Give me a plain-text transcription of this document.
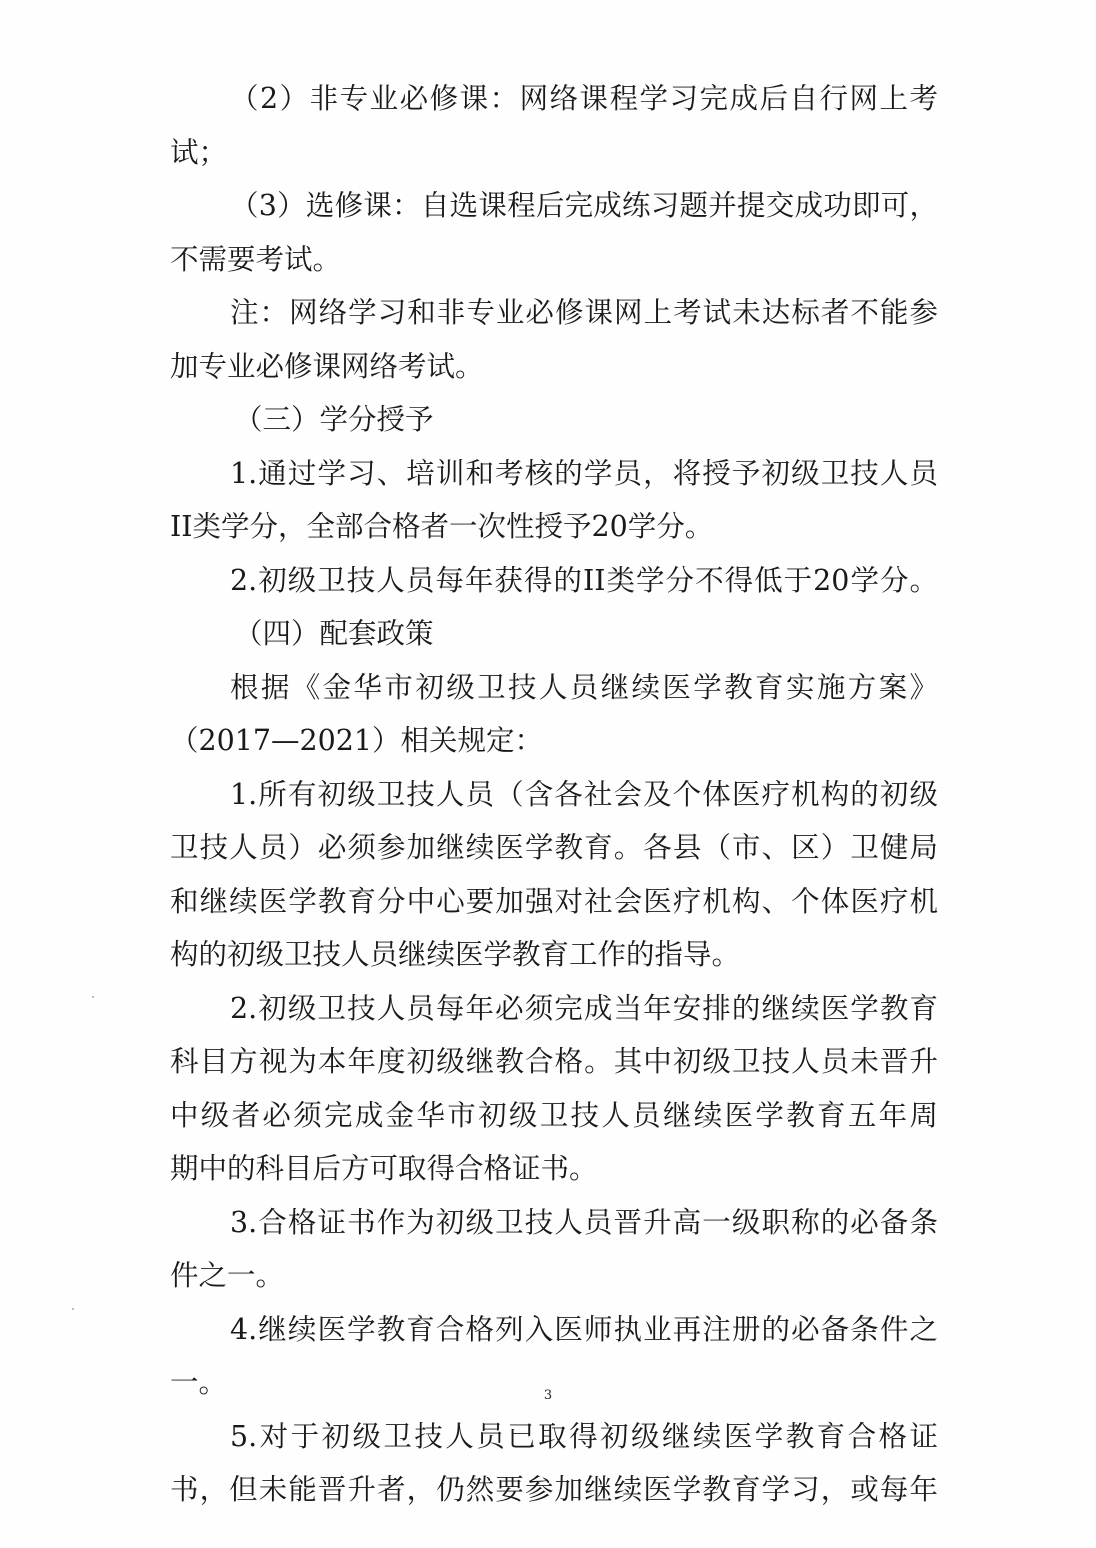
（2）非专业必修课：网络课程学习完成后自行网上考
试；
（3）选修课：自选课程后完成练习题并提交成功即可，
不需要考试。
注：网络学习和非专业必修课网上考试未达标者不能参
加专业必修课网络考试。
（三）学分授予
1.通过学习、培训和考核的学员，将授予初级卫技人员
II类学分，全部合格者一次性授予20学分。
2.初级卫技人员每年获得的II类学分不得低于20学分。
（四）配套政策
根据《金华市初级卫技人员继续医学教育实施方案》
（2017—2021）相关规定：
1.所有初级卫技人员（含各社会及个体医疗机构的初级
卫技人员）必须参加继续医学教育。各县（市、区）卫健局
和继续医学教育分中心要加强对社会医疗机构、个体医疗机
构的初级卫技人员继续医学教育工作的指导。
2.初级卫技人员每年必须完成当年安排的继续医学教育
科目方视为本年度初级继教合格。其中初级卫技人员未晋升
中级者必须完成金华市初级卫技人员继续医学教育五年周
期中的科目后方可取得合格证书。
3.合格证书作为初级卫技人员晋升高一级职称的必备条
件之一。
4.继续医学教育合格列入医师执业再注册的必备条件之
一。
5.对于初级卫技人员已取得初级继续医学教育合格证
书，但未能晋升者，仍然要参加继续医学教育学习，或每年
3
